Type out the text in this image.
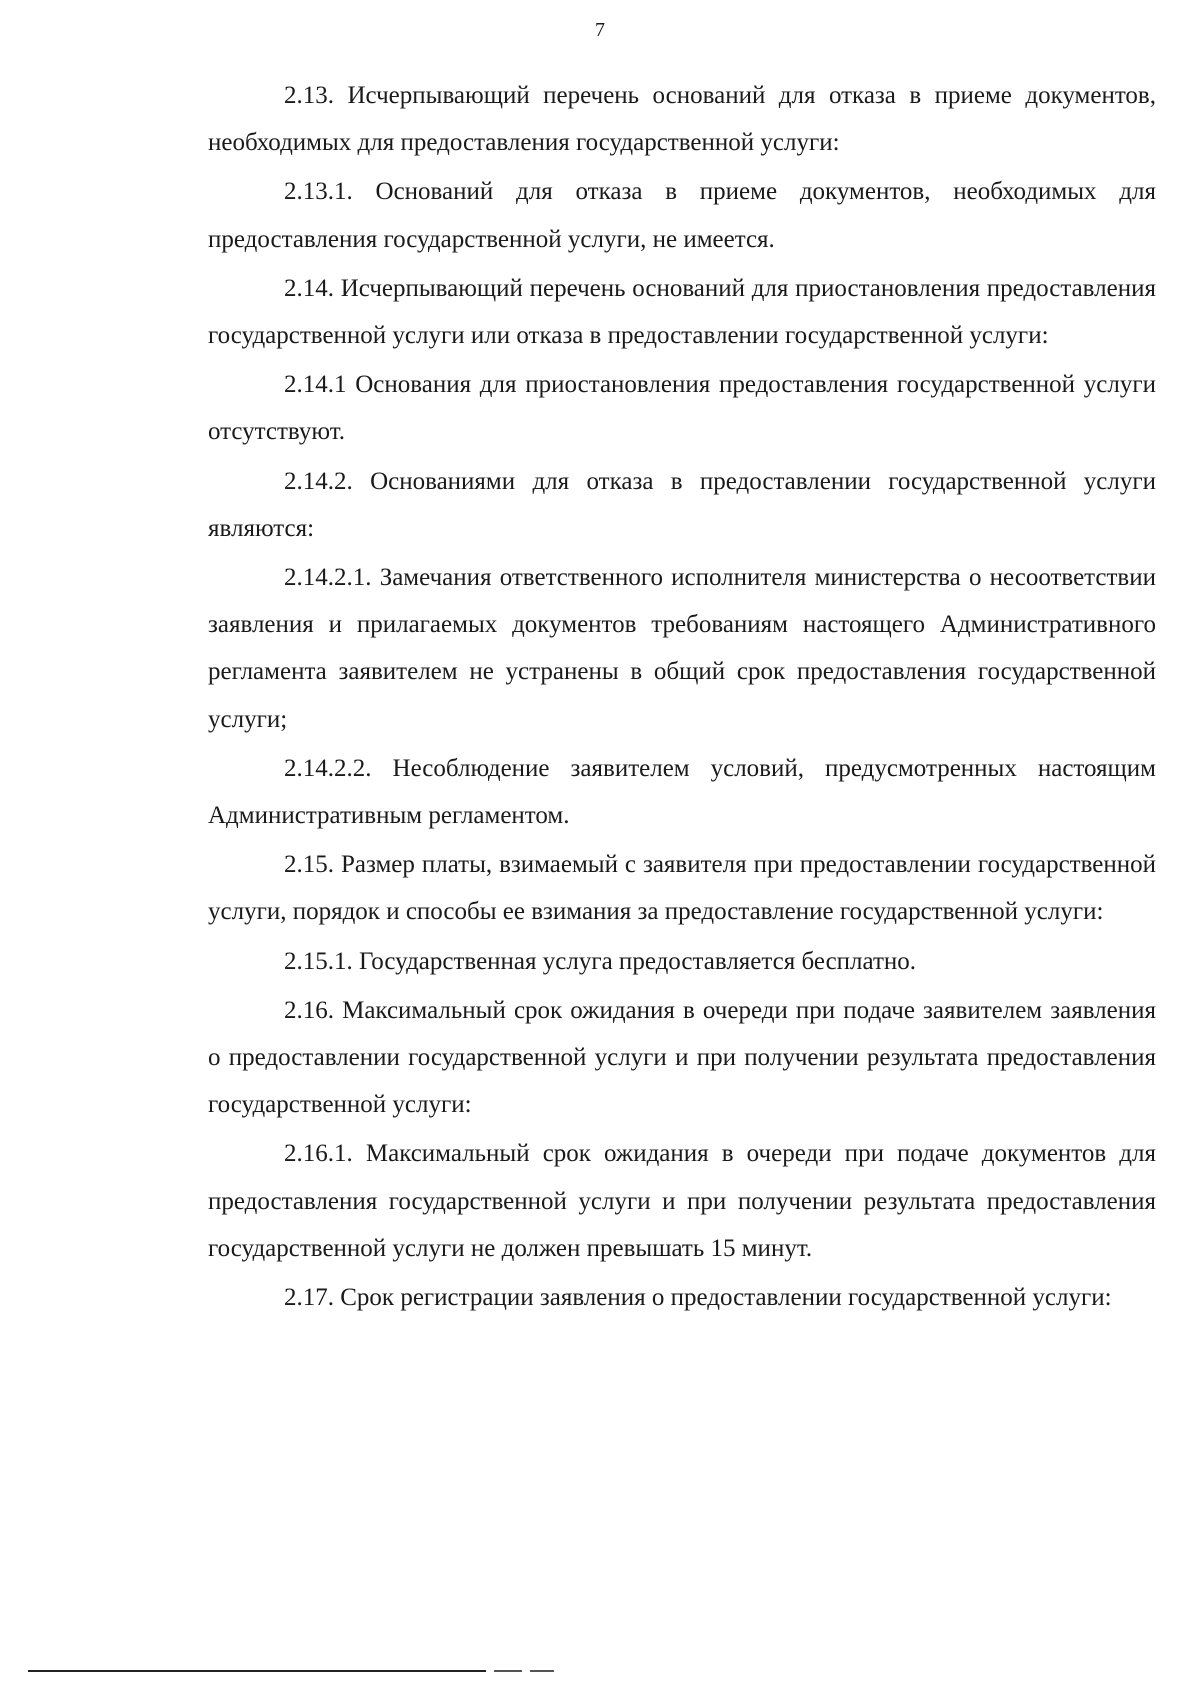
7

2.13. Исчерпывающий перечень оснований для отказа в приеме документов, необходимых для предоставления государственной услуги:

2.13.1. Оснований для отказа в приеме документов, необходимых для предоставления государственной услуги, не имеется.

2.14. Исчерпывающий перечень оснований для приостановления предоставления государственной услуги или отказа в предоставлении государственной услуги:

2.14.1 Основания для приостановления предоставления государственной услуги отсутствуют.

2.14.2. Основаниями для отказа в предоставлении государственной услуги являются:

2.14.2.1. Замечания ответственного исполнителя министерства о несоответствии заявления и прилагаемых документов требованиям настоящего Административного регламента заявителем не устранены в общий срок предоставления государственной услуги;

2.14.2.2. Несоблюдение заявителем условий, предусмотренных настоящим Административным регламентом.

2.15. Размер платы, взимаемый с заявителя при предоставлении государственной услуги, порядок и способы ее взимания за предоставление государственной услуги:

2.15.1. Государственная услуга предоставляется бесплатно.

2.16. Максимальный срок ожидания в очереди при подаче заявителем заявления о предоставлении государственной услуги и при получении результата предоставления государственной услуги:

2.16.1. Максимальный срок ожидания в очереди при подаче документов для предоставления государственной услуги и при получении результата предоставления государственной услуги не должен превышать 15 минут.

2.17. Срок регистрации заявления о предоставлении государственной услуги:
